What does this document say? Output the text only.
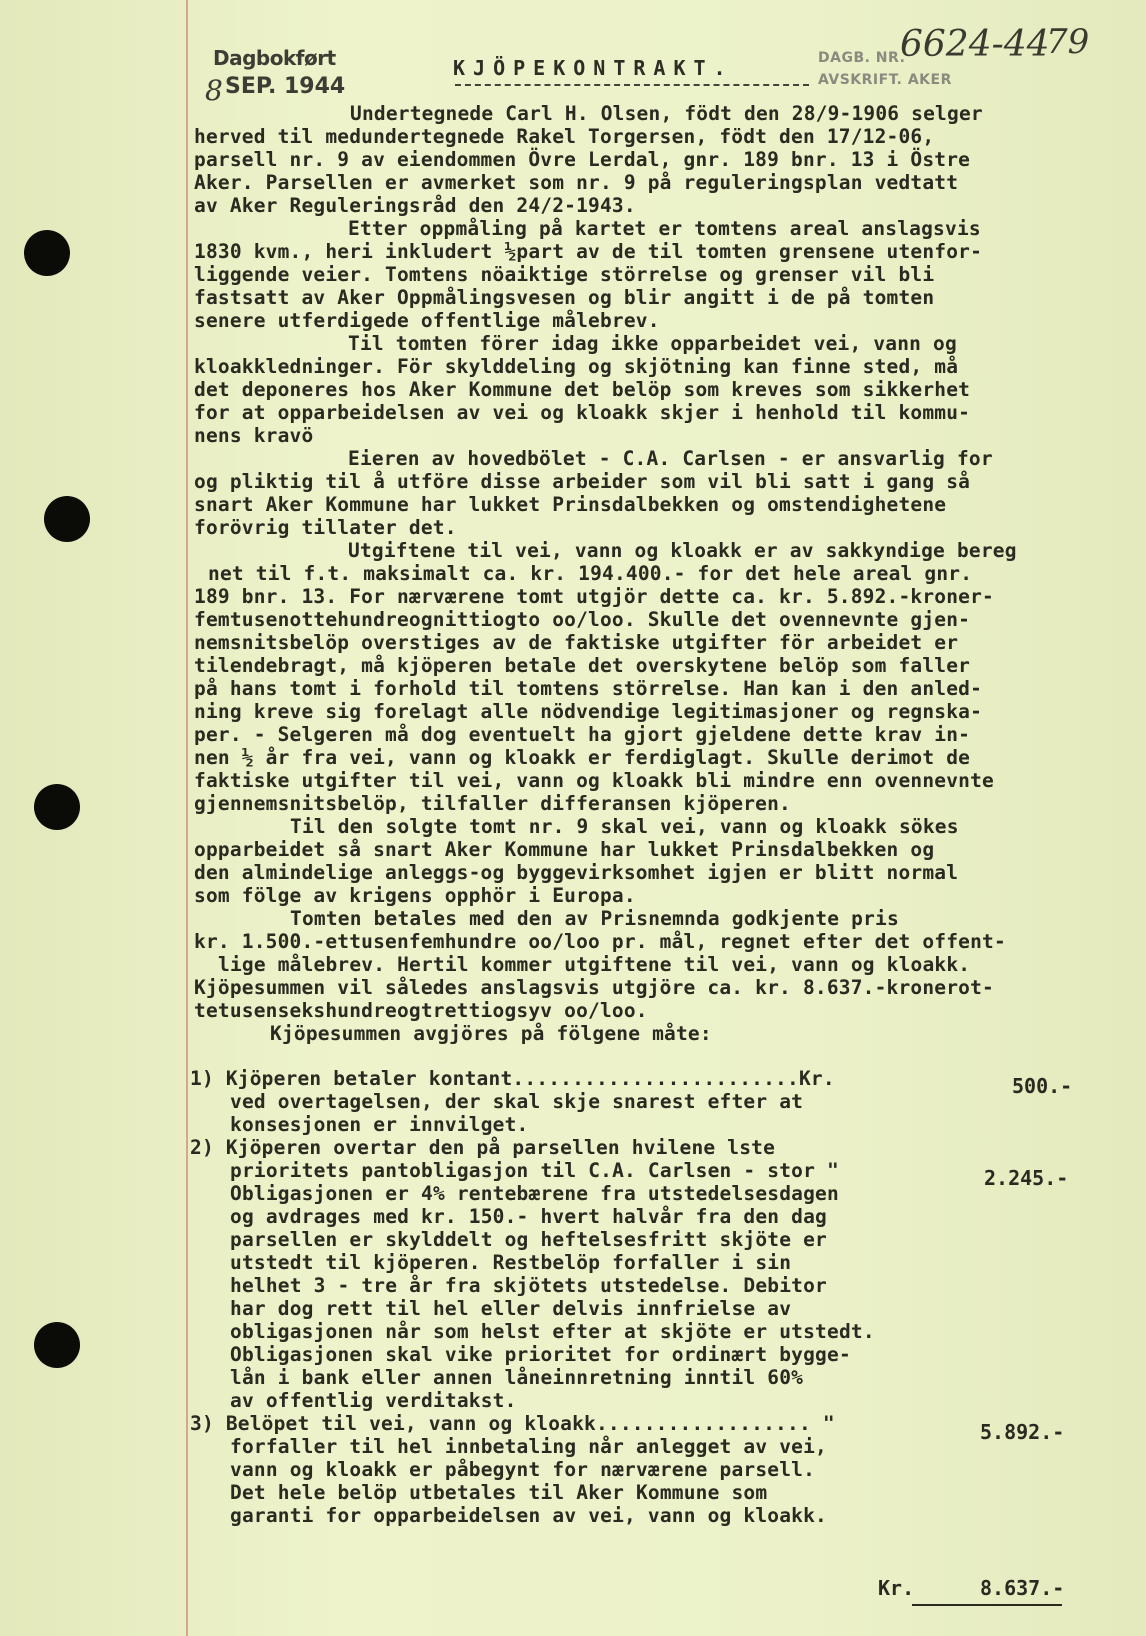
Dagbokført
8 SEP. 1944
DAGB. NR.
AVSKRIFT. AKER
6624-44
79
KJÖPEKONTRAKT.
Undertegnede Carl H. Olsen, födt den 28/9-1906 selger
herved til medundertegnede Rakel Torgersen, födt den 17/12-06,
parsell nr. 9 av eiendommen Övre Lerdal, gnr. 189 bnr. 13 i Östre
Aker. Parsellen er avmerket som nr. 9 på reguleringsplan vedtatt
av Aker Reguleringsråd den 24/2-1943.
Etter oppmåling på kartet er tomtens areal anslagsvis
1830 kvm., heri inkludert ½part av de til tomten grensene utenfor-
liggende veier. Tomtens nöaiktige störrelse og grenser vil bli
fastsatt av Aker Oppmålingsvesen og blir angitt i de på tomten
senere utferdigede offentlige målebrev.
Til tomten förer idag ikke opparbeidet vei, vann og
kloakkledninger. För skylddeling og skjötning kan finne sted, må
det deponeres hos Aker Kommune det belöp som kreves som sikkerhet
for at opparbeidelsen av vei og kloakk skjer i henhold til kommu-
nens kravö
Eieren av hovedbölet - C.A. Carlsen - er ansvarlig for
og pliktig til å utföre disse arbeider som vil bli satt i gang så
snart Aker Kommune har lukket Prinsdalbekken og omstendighetene
forövrig tillater det.
Utgiftene til vei, vann og kloakk er av sakkyndige bereg
net til f.t. maksimalt ca. kr. 194.400.- for det hele areal gnr.
189 bnr. 13. For nærværene tomt utgjör dette ca. kr. 5.892.-kroner-
femtusenottehundreognittiogto oo/loo. Skulle det ovennevnte gjen-
nemsnitsbelöp overstiges av de faktiske utgifter för arbeidet er
tilendebragt, må kjöperen betale det overskytene belöp som faller
på hans tomt i forhold til tomtens störrelse. Han kan i den anled-
ning kreve sig forelagt alle nödvendige legitimasjoner og regnska-
per. - Selgeren må dog eventuelt ha gjort gjeldene dette krav in-
nen ½ år fra vei, vann og kloakk er ferdiglagt. Skulle derimot de
faktiske utgifter til vei, vann og kloakk bli mindre enn ovennevnte
gjennemsnitsbelöp, tilfaller differansen kjöperen.
Til den solgte tomt nr. 9 skal vei, vann og kloakk sökes
opparbeidet så snart Aker Kommune har lukket Prinsdalbekken og
den almindelige anleggs-og byggevirksomhet igjen er blitt normal
som fölge av krigens opphör i Europa.
Tomten betales med den av Prisnemnda godkjente pris
kr. 1.500.-ettusenfemhundre oo/loo pr. mål, regnet efter det offent-
lige målebrev. Hertil kommer utgiftene til vei, vann og kloakk.
Kjöpesummen vil således anslagsvis utgjöre ca. kr. 8.637.-kronerot-
tetusensekshundreogtrettiogsyv oo/loo.
Kjöpesummen avgjöres på fölgene måte:
1) Kjöperen betaler kontant........................Kr.
ved overtagelsen, der skal skje snarest efter at
konsesjonen er innvilget.
2) Kjöperen overtar den på parsellen hvilene lste
prioritets pantobligasjon til C.A. Carlsen - stor "
Obligasjonen er 4% rentebærene fra utstedelsesdagen
og avdrages med kr. 150.- hvert halvår fra den dag
parsellen er skylddelt og heftelsesfritt skjöte er
utstedt til kjöperen. Restbelöp forfaller i sin
helhet 3 - tre år fra skjötets utstedelse. Debitor
har dog rett til hel eller delvis innfrielse av
obligasjonen når som helst efter at skjöte er utstedt.
Obligasjonen skal vike prioritet for ordinært bygge-
lån i bank eller annen låneinnretning inntil 60%
av offentlig verditakst.
3) Belöpet til vei, vann og kloakk.................. "
forfaller til hel innbetaling når anlegget av vei,
vann og kloakk er påbegynt for nærværene parsell.
Det hele belöp utbetales til Aker Kommune som
garanti for opparbeidelsen av vei, vann og kloakk.
500.-
2.245.-
5.892.-
Kr.	8.637.-
